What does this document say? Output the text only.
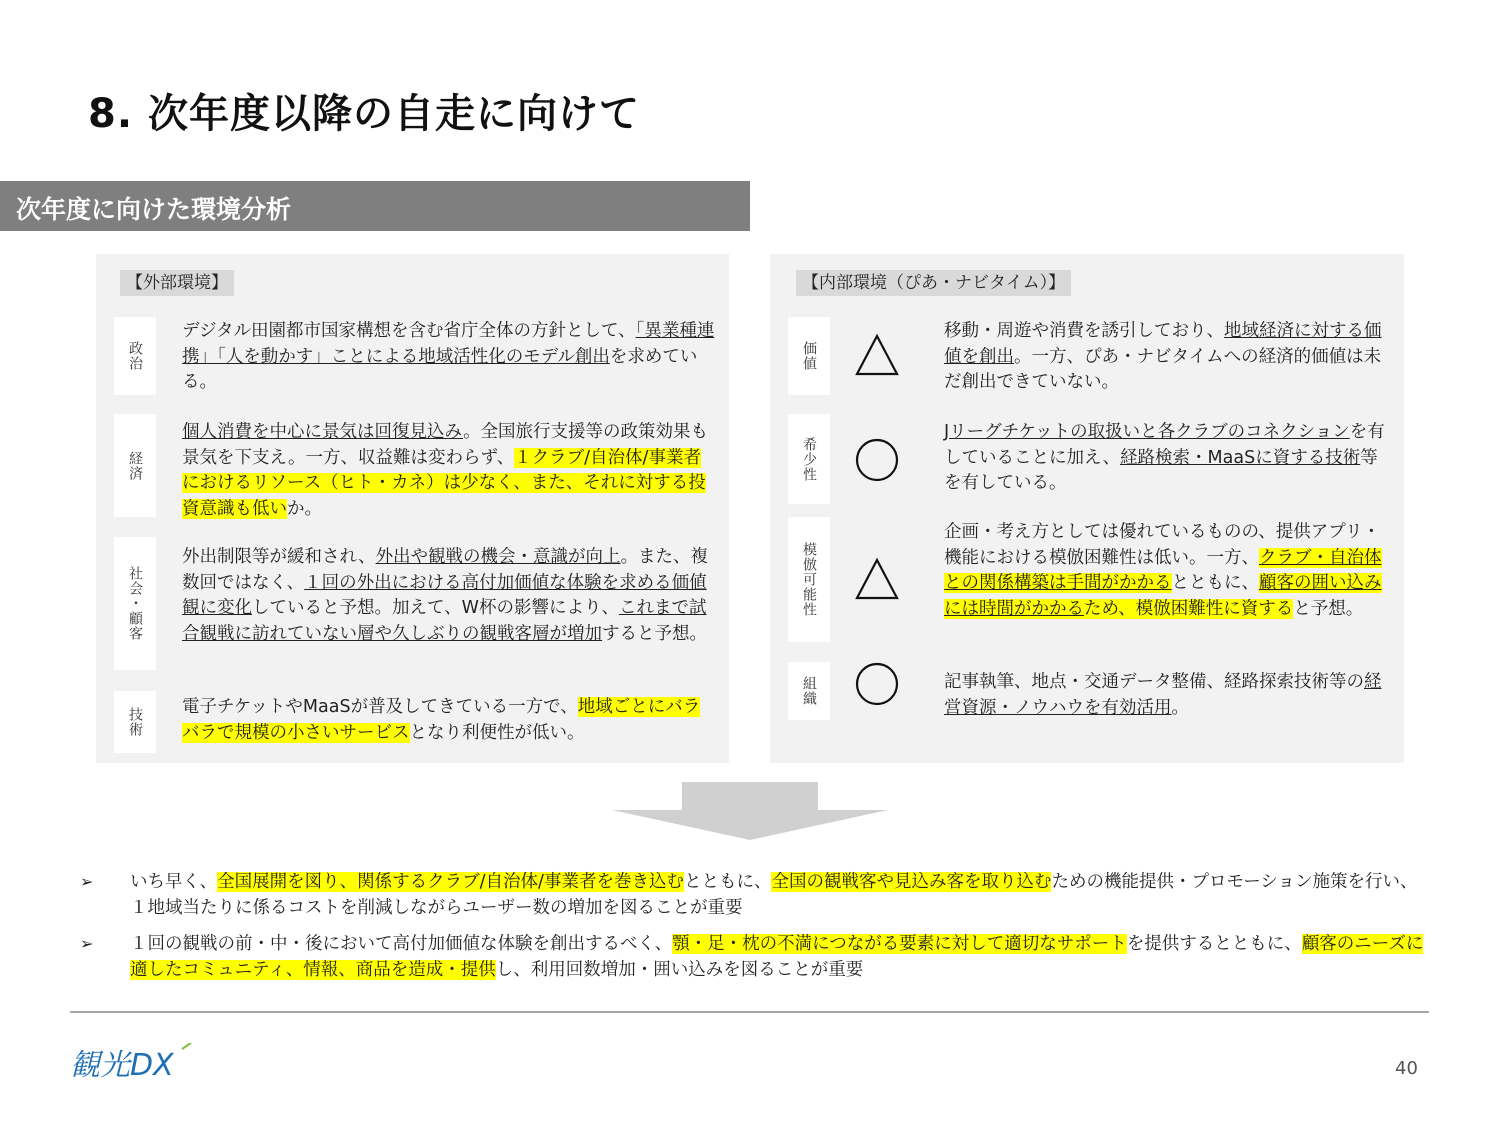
8. 次年度以降の自走に向けて
次年度に向けた環境分析
【外部環境】
政治
デジタル田園都市国家構想を含む省庁全体の方針として、「異業種連携」「人を動かす」ことによる地域活性化のモデル創出を求めている。
経済
個人消費を中心に景気は回復見込み。全国旅行支援等の政策効果も景気を下支え。一方、収益難は変わらず、１クラブ/自治体/事業者におけるリソース（ヒト・カネ）は少なく、また、それに対する投資意識も低いか。
社会・顧客
外出制限等が緩和され、外出や観戦の機会・意識が向上。また、複数回ではなく、１回の外出における高付加価値な体験を求める価値観に変化していると予想。加えて、W杯の影響により、これまで試合観戦に訪れていない層や久しぶりの観戦客層が増加すると予想。
技術 電子チケットやMaaSが普及してきている一方で、地域ごとにバラバラで規模の小さいサービスとなり利便性が低い。
【内部環境（ぴあ・ナビタイム）】
価値
移動・周遊や消費を誘引しており、地域経済に対する価値を創出。一方、ぴあ・ナビタイムへの経済的価値は未だ創出できていない。
希少性
Jリーグチケットの取扱いと各クラブのコネクションを有していることに加え、経路検索・MaaSに資する技術等を有している。
模倣可能性
企画・考え方としては優れているものの、提供アプリ・機能における模倣困難性は低い。一方、クラブ・自治体との関係構築は手間がかかるとともに、顧客の囲い込みには時間がかかるため、模倣困難性に資すると予想。
組織	記事執筆、地点・交通データ整備、経路探索技術等の経営資源・ノウハウを有効活用。
➢ いち早く、全国展開を図り、関係するクラブ/自治体/事業者を巻き込むとともに、全国の観戦客や見込み客を取り込むための機能提供・プロモーション施策を行い、１地域当たりに係るコストを削減しながらユーザー数の増加を図ることが重要
➢ １回の観戦の前・中・後において高付加価値な体験を創出するべく、顎・足・枕の不満につながる要素に対して適切なサポートを提供するとともに、顧客のニーズに適したコミュニティ、情報、商品を造成・提供し、利用回数増加・囲い込みを図ることが重要
観光DX	40
